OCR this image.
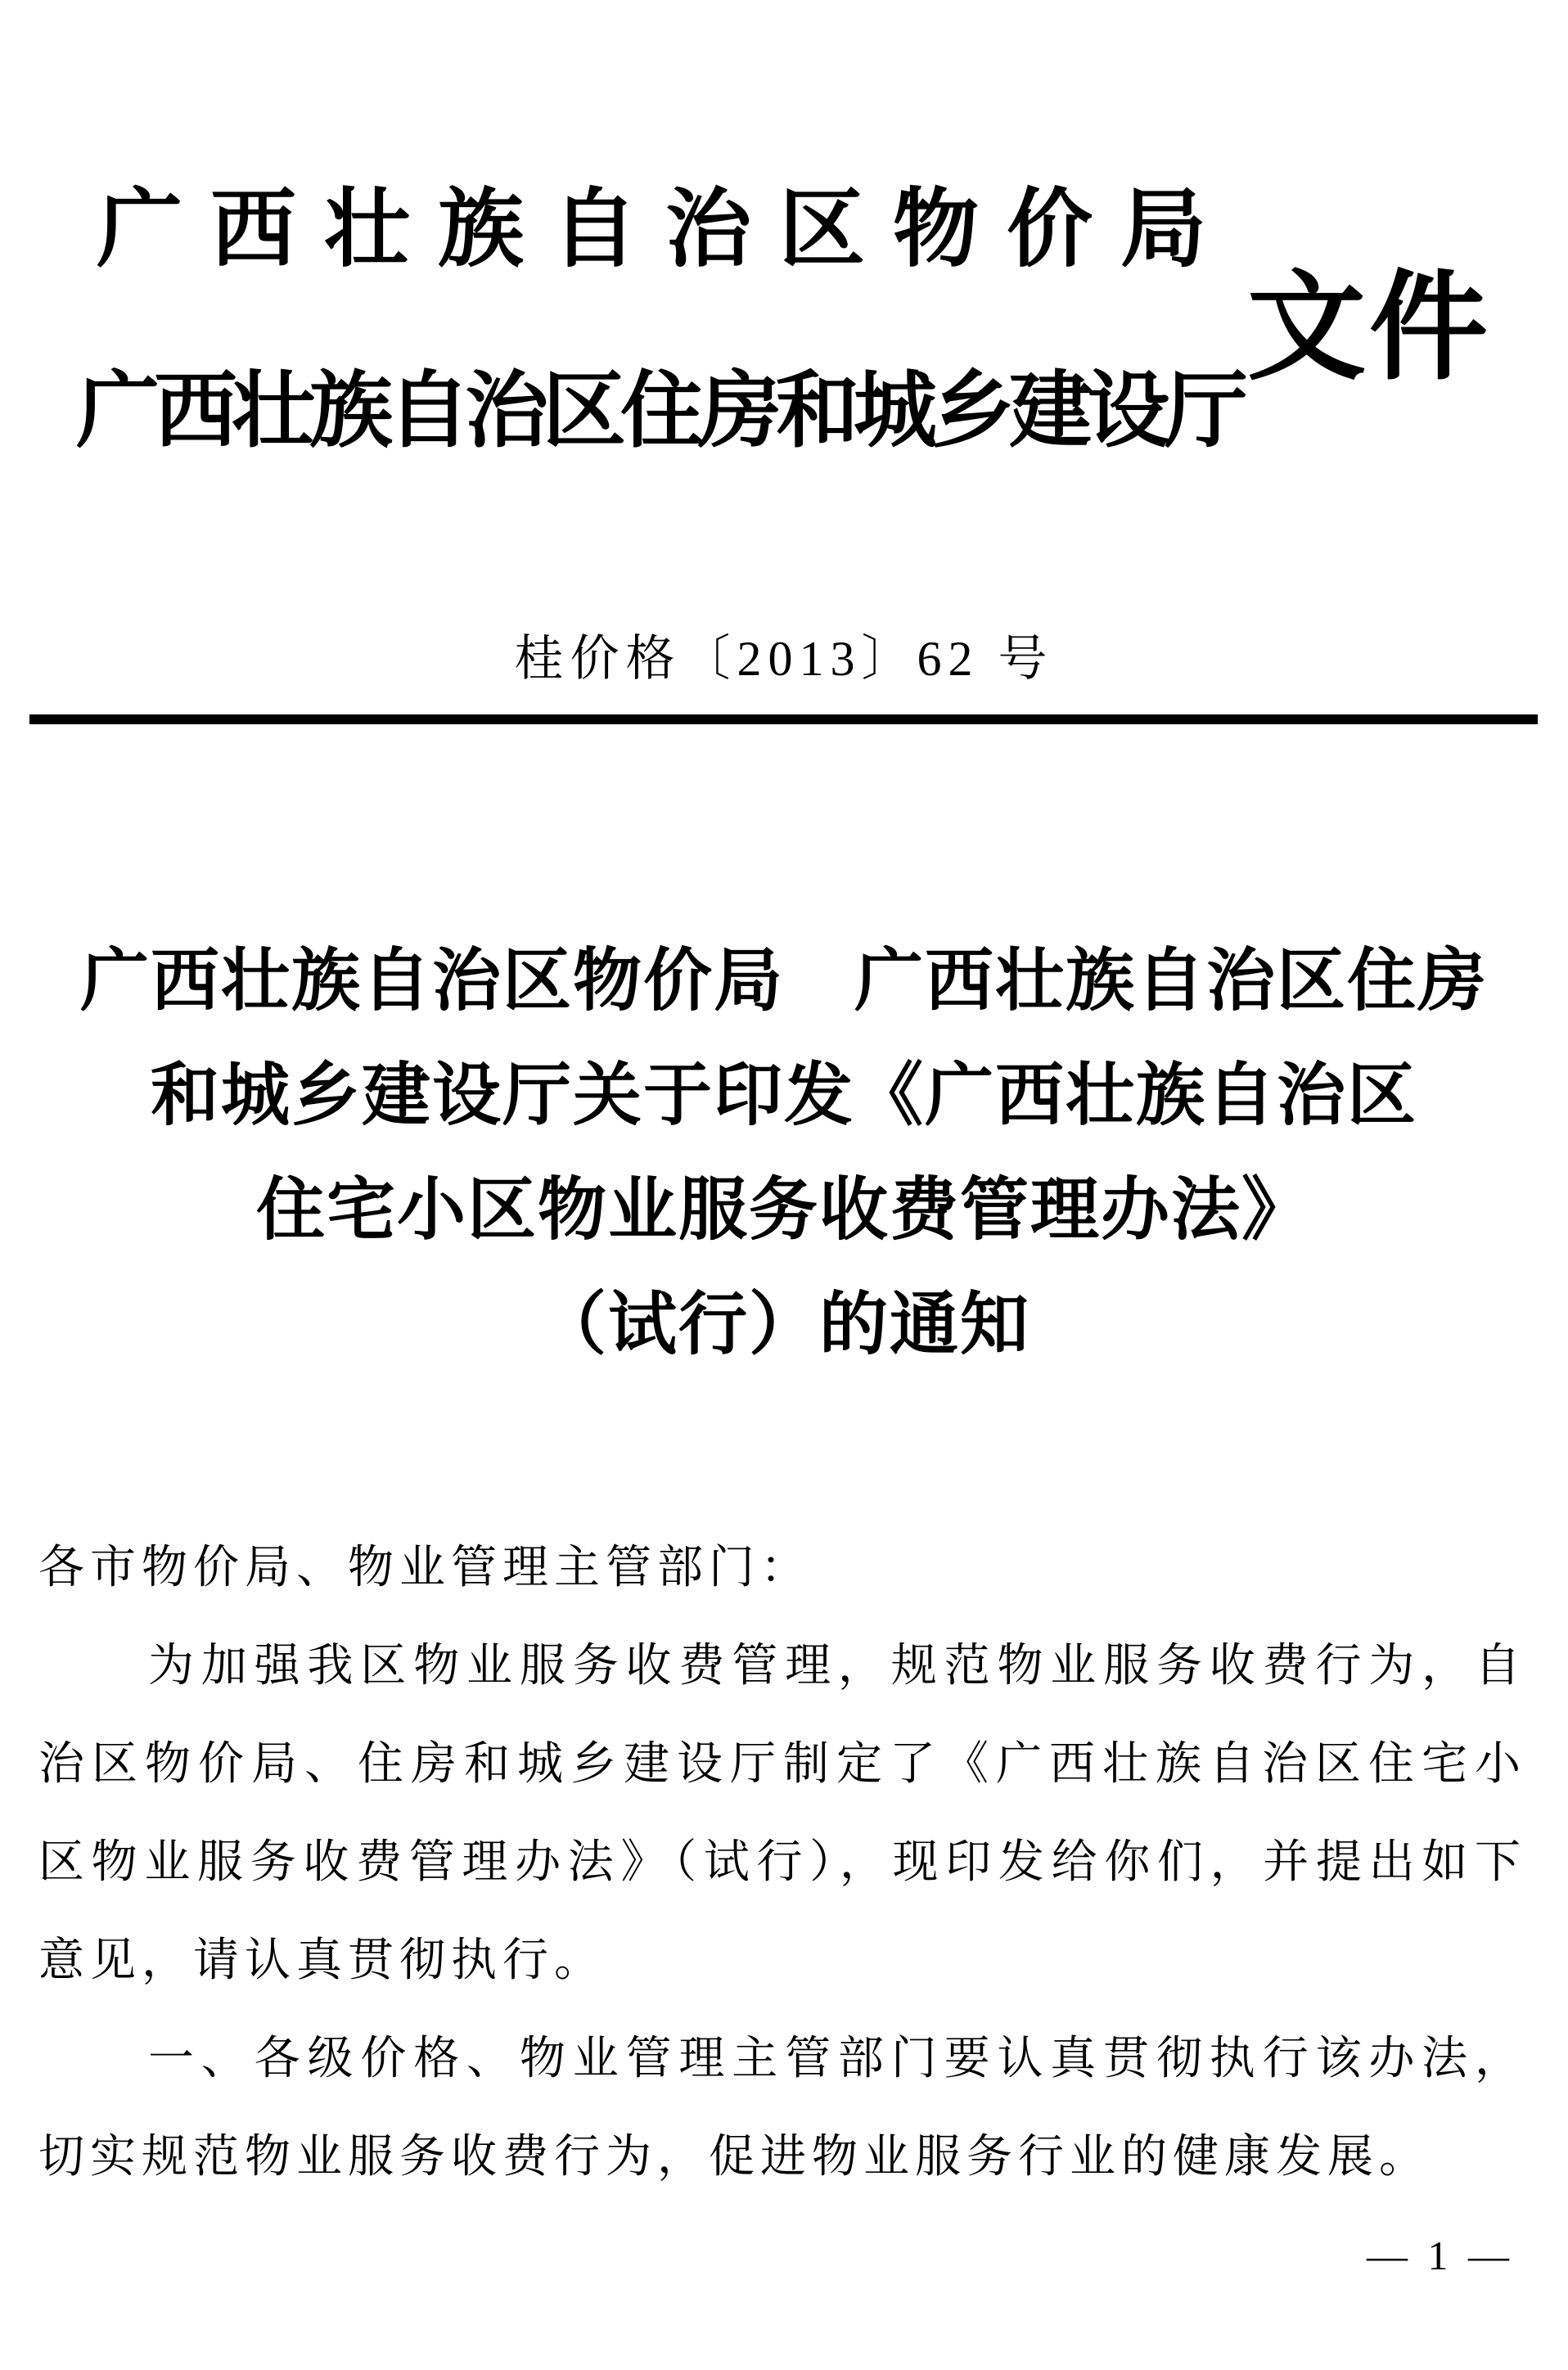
广西壮族自治区物价局
广西壮族自治区住房和城乡建设厅
文件
桂价格〔2013〕62 号
广西壮族自治区物价局　广西壮族自治区住房
和城乡建设厅关于印发《广西壮族自治区
住宅小区物业服务收费管理办法》
（试行）的通知

各市物价局、物业管理主管部门：

为加强我区物业服务收费管理，规范物业服务收费行为，自治区物价局、住房和城乡建设厅制定了《广西壮族自治区住宅小区物业服务收费管理办法》（试行），现印发给你们，并提出如下意见，请认真贯彻执行。

一、各级价格、物业管理主管部门要认真贯彻执行该办法，切实规范物业服务收费行为，促进物业服务行业的健康发展。

— 1 —
